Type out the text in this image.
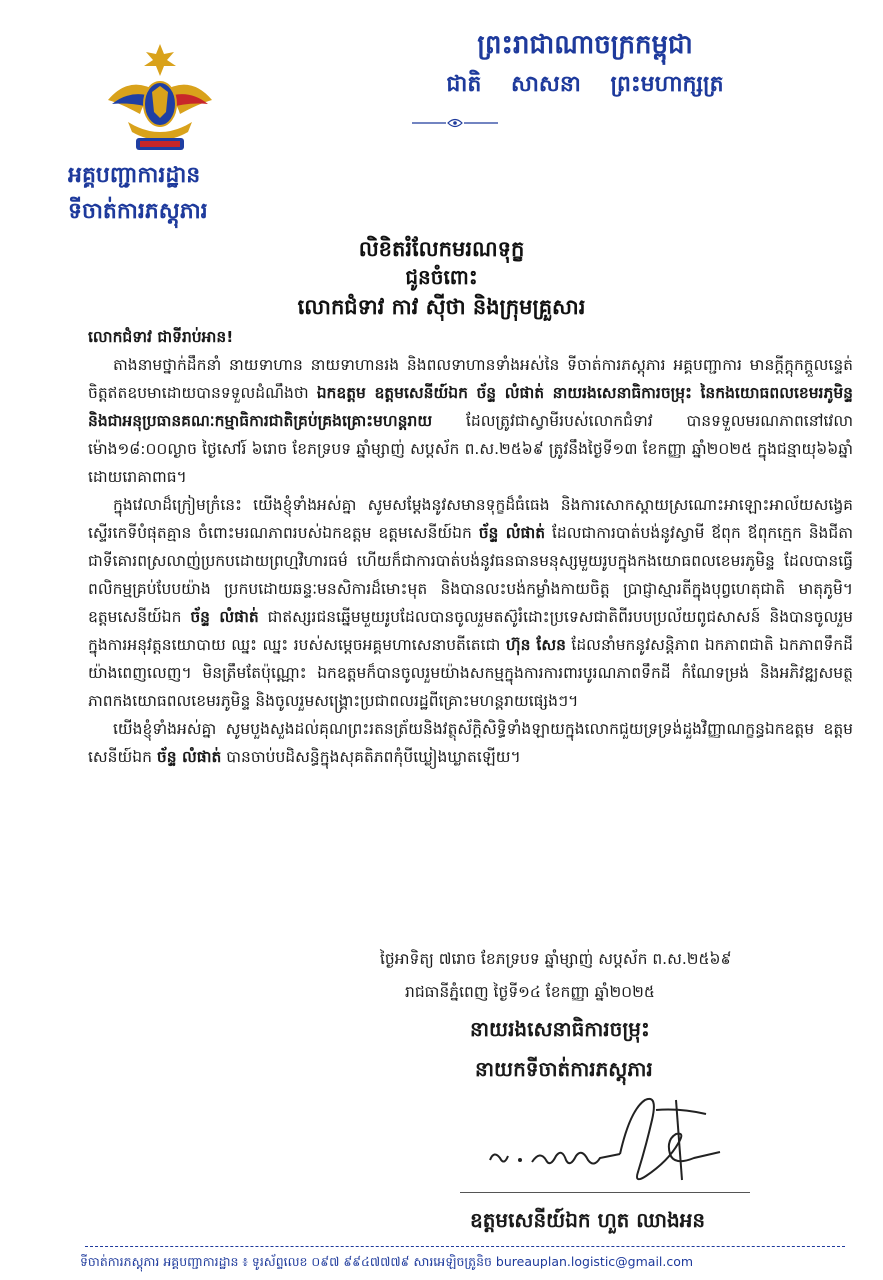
ព្រះរាជាណាចក្រកម្ពុជា
ជាតិ សាសនា ព្រះមហាក្សត្រ
អគ្គបញ្ជាការដ្ឋាន
ទីចាត់ការភស្តុភារ
លិខិតរំលែកមរណទុក្ខ
ជូនចំពោះ
លោកជំទាវ កាវ ស៊ីថា និងក្រុមគ្រួសារ

លោកជំទាវ ជាទីរាប់អាន!

តាងនាមថ្នាក់ដឹកនាំ នាយទាហាន នាយទាហានរង និងពលទាហានទាំងអស់នៃ ទីចាត់ការភស្តុភារ អគ្គបញ្ជាការ មានក្តីក្តុកក្តួលនេ្ទត់ចិត្តឥតឧបមាដោយបានទទួលដំណឹងថា ឯកឧត្តម ឧត្តមសេនីយ៍ឯក ច័ន្ទ លំផាត់ នាយរងសេនាធិការចម្រុះ នៃកងយោធពលខេមរភូមិន្ទ និងជាអនុប្រធានគណៈកម្មាធិការជាតិគ្រប់គ្រងគ្រោះមហន្តរាយ ដែលត្រូវជាស្វាមីរបស់លោកជំទាវ បានទទួលមរណភាពនៅវេលាម៉ោង១៨:០០ល្ងាច ថ្ងៃសៅរ៍ ៦រោច ខែភទ្របទ ឆ្នាំម្សាញ់ សប្តស័ក ព.ស.២៥៦៩ ត្រូវនឹងថ្ងៃទី១៣ ខែកញ្ញា ឆ្នាំ២០២៥ ក្នុងជន្មាយុ៦៦ឆ្នាំ ដោយរោគាពាធ។

ក្នុងវេលាដ៏ក្រៀមក្រំនេះ យើងខ្ញុំទាំងអស់គ្នា សូមសម្តែងនូវសមានទុក្ខដ៏ធំធេង និងការសោកស្តាយស្រណោះអាឡោះអាល័យសង្វេគស្ទើរកេទីបំផុតគ្មាន ចំពោះមរណភាពរបស់ឯកឧត្តម ឧត្តមសេនីយ៍ឯក ច័ន្ទ លំផាត់ ដែលជាការបាត់បង់នូវស្វាមី ឪពុក ឪពុកក្មេក និងជីតា ជាទីគោរពស្រលាញ់ប្រកបដោយព្រហ្មវិហារធម៌ ហើយក៏ជាការបាត់បង់នូវធនធានមនុស្សមួយរូបក្នុងកងយោធពលខេមរភូមិន្ទ ដែលបានធ្វើពលិកម្មគ្រប់បែបយ៉ាង ប្រកបដោយឆន្ទៈមនសិការដ៏មោះមុត និងបានលះបង់កម្លាំងកាយចិត្ត ប្រាជ្ញាស្មារតីក្នុងបុព្វហេតុជាតិ មាតុភូមិ។ ឧត្តមសេនីយ៍ឯក ច័ន្ទ លំផាត់ ជាឥស្សរជនឆ្នើមមួយរូបដែលបានចូលរួមតស៊ូរំដោះប្រទេសជាតិពីរបបប្រល័យពូជសាសន៍ និងបានចូលរួមក្នុងការអនុវត្តនយោបាយ ឈ្នះ ឈ្នះ របស់សម្តេចអគ្គមហាសេនាបតីតេជោ ហ៊ុន សែន ដែលនាំមកនូវសន្តិភាព ឯកភាពជាតិ ឯកភាពទឹកដី យ៉ាងពេញលេញ។ មិនត្រឹមតែប៉ុណ្ណោះ ឯកឧត្តមក៏បានចូលរួមយ៉ាងសកម្មក្នុងការការពារបូរណភាពទឹកដី កំណែទម្រង់ និងអភិវឌ្ឍសមត្ថភាពកងយោធពលខេមរភូមិន្ទ និងចូលរួមសង្គ្រោះប្រជាពលរដ្ឋពីគ្រោះមហន្តរាយផ្សេងៗ។

យើងខ្ញុំទាំងអស់គ្នា សូមបួងសួងដល់គុណព្រះរតនត្រ័យនិងវត្ថុស័ក្តិសិទ្ធិទាំងឡាយក្នុងលោកជួយទ្រទ្រង់ដួងវិញ្ញាណក្ខន្ធឯកឧត្តម ឧត្តមសេនីយ៍ឯក ច័ន្ទ លំផាត់ បានចាប់បដិសន្ធិក្នុងសុគតិភពកុំបីឃ្លៀងឃ្លាតឡើយ។

ថ្ងៃអាទិត្យ ៧រោច ខែភទ្របទ ឆ្នាំម្សាញ់ សប្តស័ក ព.ស.២៥៦៩
រាជធានីភ្នំពេញ ថ្ងៃទី១៤ ខែកញ្ញា ឆ្នាំ២០២៥
នាយរងសេនាធិការចម្រុះ
នាយកទីចាត់ការភស្តុភារ
ឧត្តមសេនីយ៍ឯក ហួត ឈាងអន
ទីចាត់ការភស្តុភារ អគ្គបញ្ជាការដ្ឋាន ៖ ទូរស័ព្ទលេខ ០៩៧ ៩៩៤៧៧៧៩ សារអេឡិចត្រូនិច bureauplan.logistic@gmail.com
